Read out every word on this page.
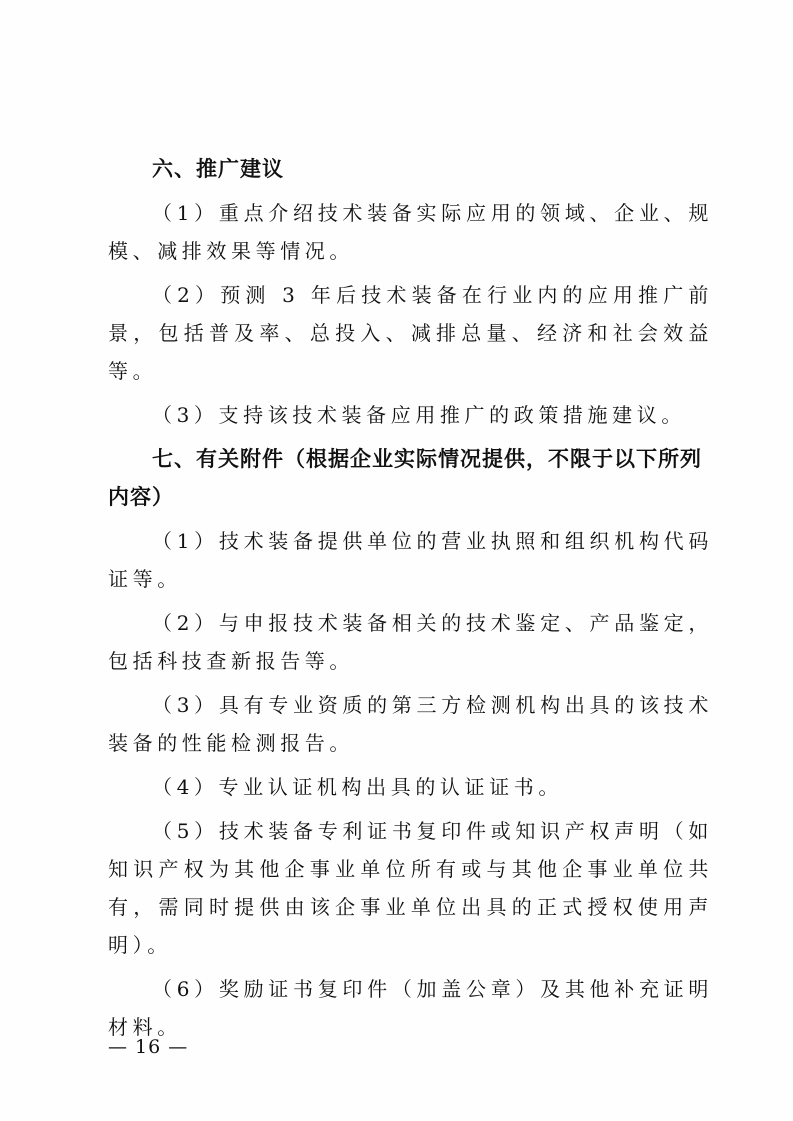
六、推广建议

（1）重点介绍技术装备实际应用的领域、企业、规模、减排效果等情况。

（2）预测 3 年后技术装备在行业内的应用推广前景，包括普及率、总投入、减排总量、经济和社会效益等。

（3）支持该技术装备应用推广的政策措施建议。

七、有关附件（根据企业实际情况提供，不限于以下所列内容）

（1）技术装备提供单位的营业执照和组织机构代码证等。

（2）与申报技术装备相关的技术鉴定、产品鉴定，包括科技查新报告等。

（3）具有专业资质的第三方检测机构出具的该技术装备的性能检测报告。

（4）专业认证机构出具的认证证书。

（5）技术装备专利证书复印件或知识产权声明（如知识产权为其他企事业单位所有或与其他企事业单位共有，需同时提供由该企事业单位出具的正式授权使用声明）。

（6）奖励证书复印件（加盖公章）及其他补充证明材料。

— 16 —
